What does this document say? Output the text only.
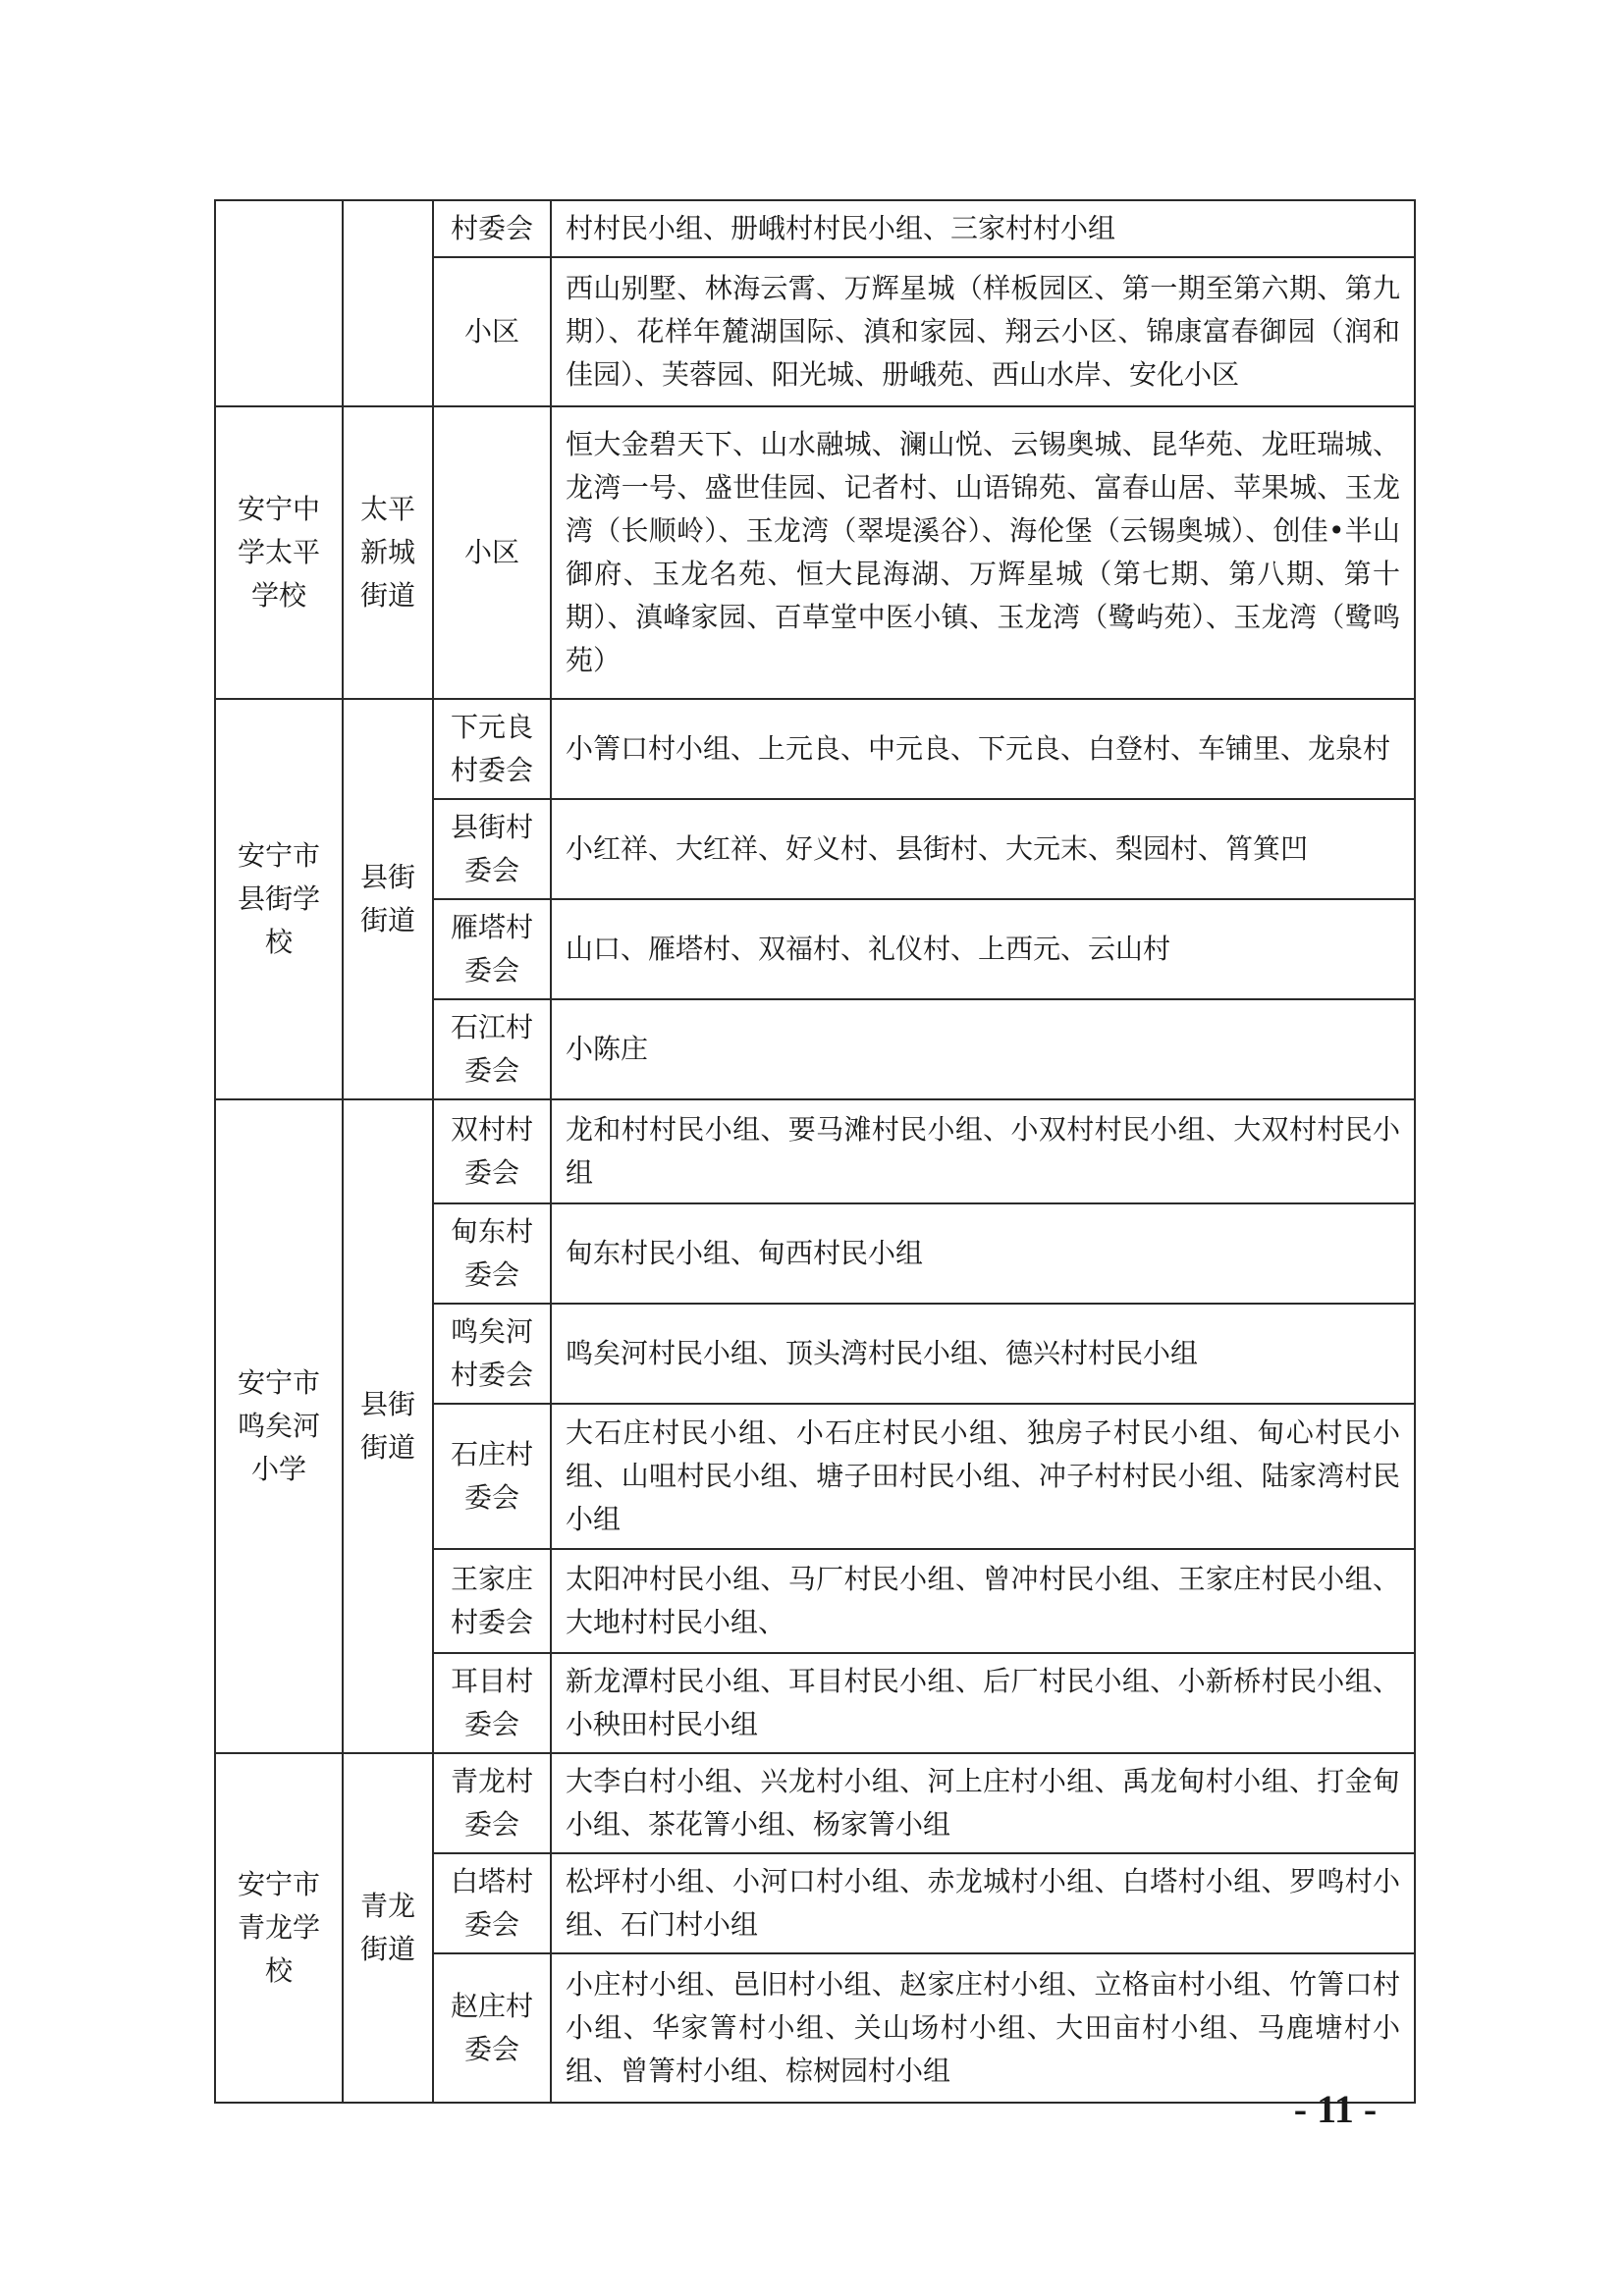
		村委会	村村民小组、册峨村村民小组、三家村村小组
		小区	西山别墅、林海云霄、万辉星城（样板园区、第一期至第六期、第九期）、花样年麓湖国际、滇和家园、翔云小区、锦康富春御园（润和佳园）、芙蓉园、阳光城、册峨苑、西山水岸、安化小区
安宁中学太平学校	太平新城街道	小区	恒大金碧天下、山水融城、澜山悦、云锡奥城、昆华苑、龙旺瑞城、龙湾一号、盛世佳园、记者村、山语锦苑、富春山居、苹果城、玉龙湾（长顺岭）、玉龙湾（翠堤溪谷）、海伦堡（云锡奥城）、创佳•半山御府、玉龙名苑、恒大昆海湖、万辉星城（第七期、第八期、第十期）、滇峰家园、百草堂中医小镇、玉龙湾（鹭屿苑）、玉龙湾（鹭鸣苑）
安宁市县街学校	县街街道	下元良村委会	小箐口村小组、上元良、中元良、下元良、白登村、车铺里、龙泉村
		县街村委会	小红祥、大红祥、好义村、县街村、大元末、梨园村、筲箕凹
		雁塔村委会	山口、雁塔村、双福村、礼仪村、上西元、云山村
		石江村委会	小陈庄
安宁市鸣矣河小学	县街街道	双村村委会	龙和村村民小组、要马滩村民小组、小双村村民小组、大双村村民小组
		甸东村委会	甸东村民小组、甸西村民小组
		鸣矣河村委会	鸣矣河村民小组、顶头湾村民小组、德兴村村民小组
		石庄村委会	大石庄村民小组、小石庄村民小组、独房子村民小组、甸心村民小组、山咀村民小组、塘子田村民小组、冲子村村民小组、陆家湾村民小组
		王家庄村委会	太阳冲村民小组、马厂村民小组、曾冲村民小组、王家庄村民小组、大地村村民小组、
		耳目村委会	新龙潭村民小组、耳目村民小组、后厂村民小组、小新桥村民小组、小秧田村民小组
安宁市青龙学校	青龙街道	青龙村委会	大李白村小组、兴龙村小组、河上庄村小组、禹龙甸村小组、打金甸小组、茶花箐小组、杨家箐小组
		白塔村委会	松坪村小组、小河口村小组、赤龙城村小组、白塔村小组、罗鸣村小组、石门村小组
		赵庄村委会	小庄村小组、邑旧村小组、赵家庄村小组、立格亩村小组、竹箐口村小组、华家箐村小组、关山场村小组、大田亩村小组、马鹿塘村小组、曾箐村小组、棕树园村小组
- 11 -
